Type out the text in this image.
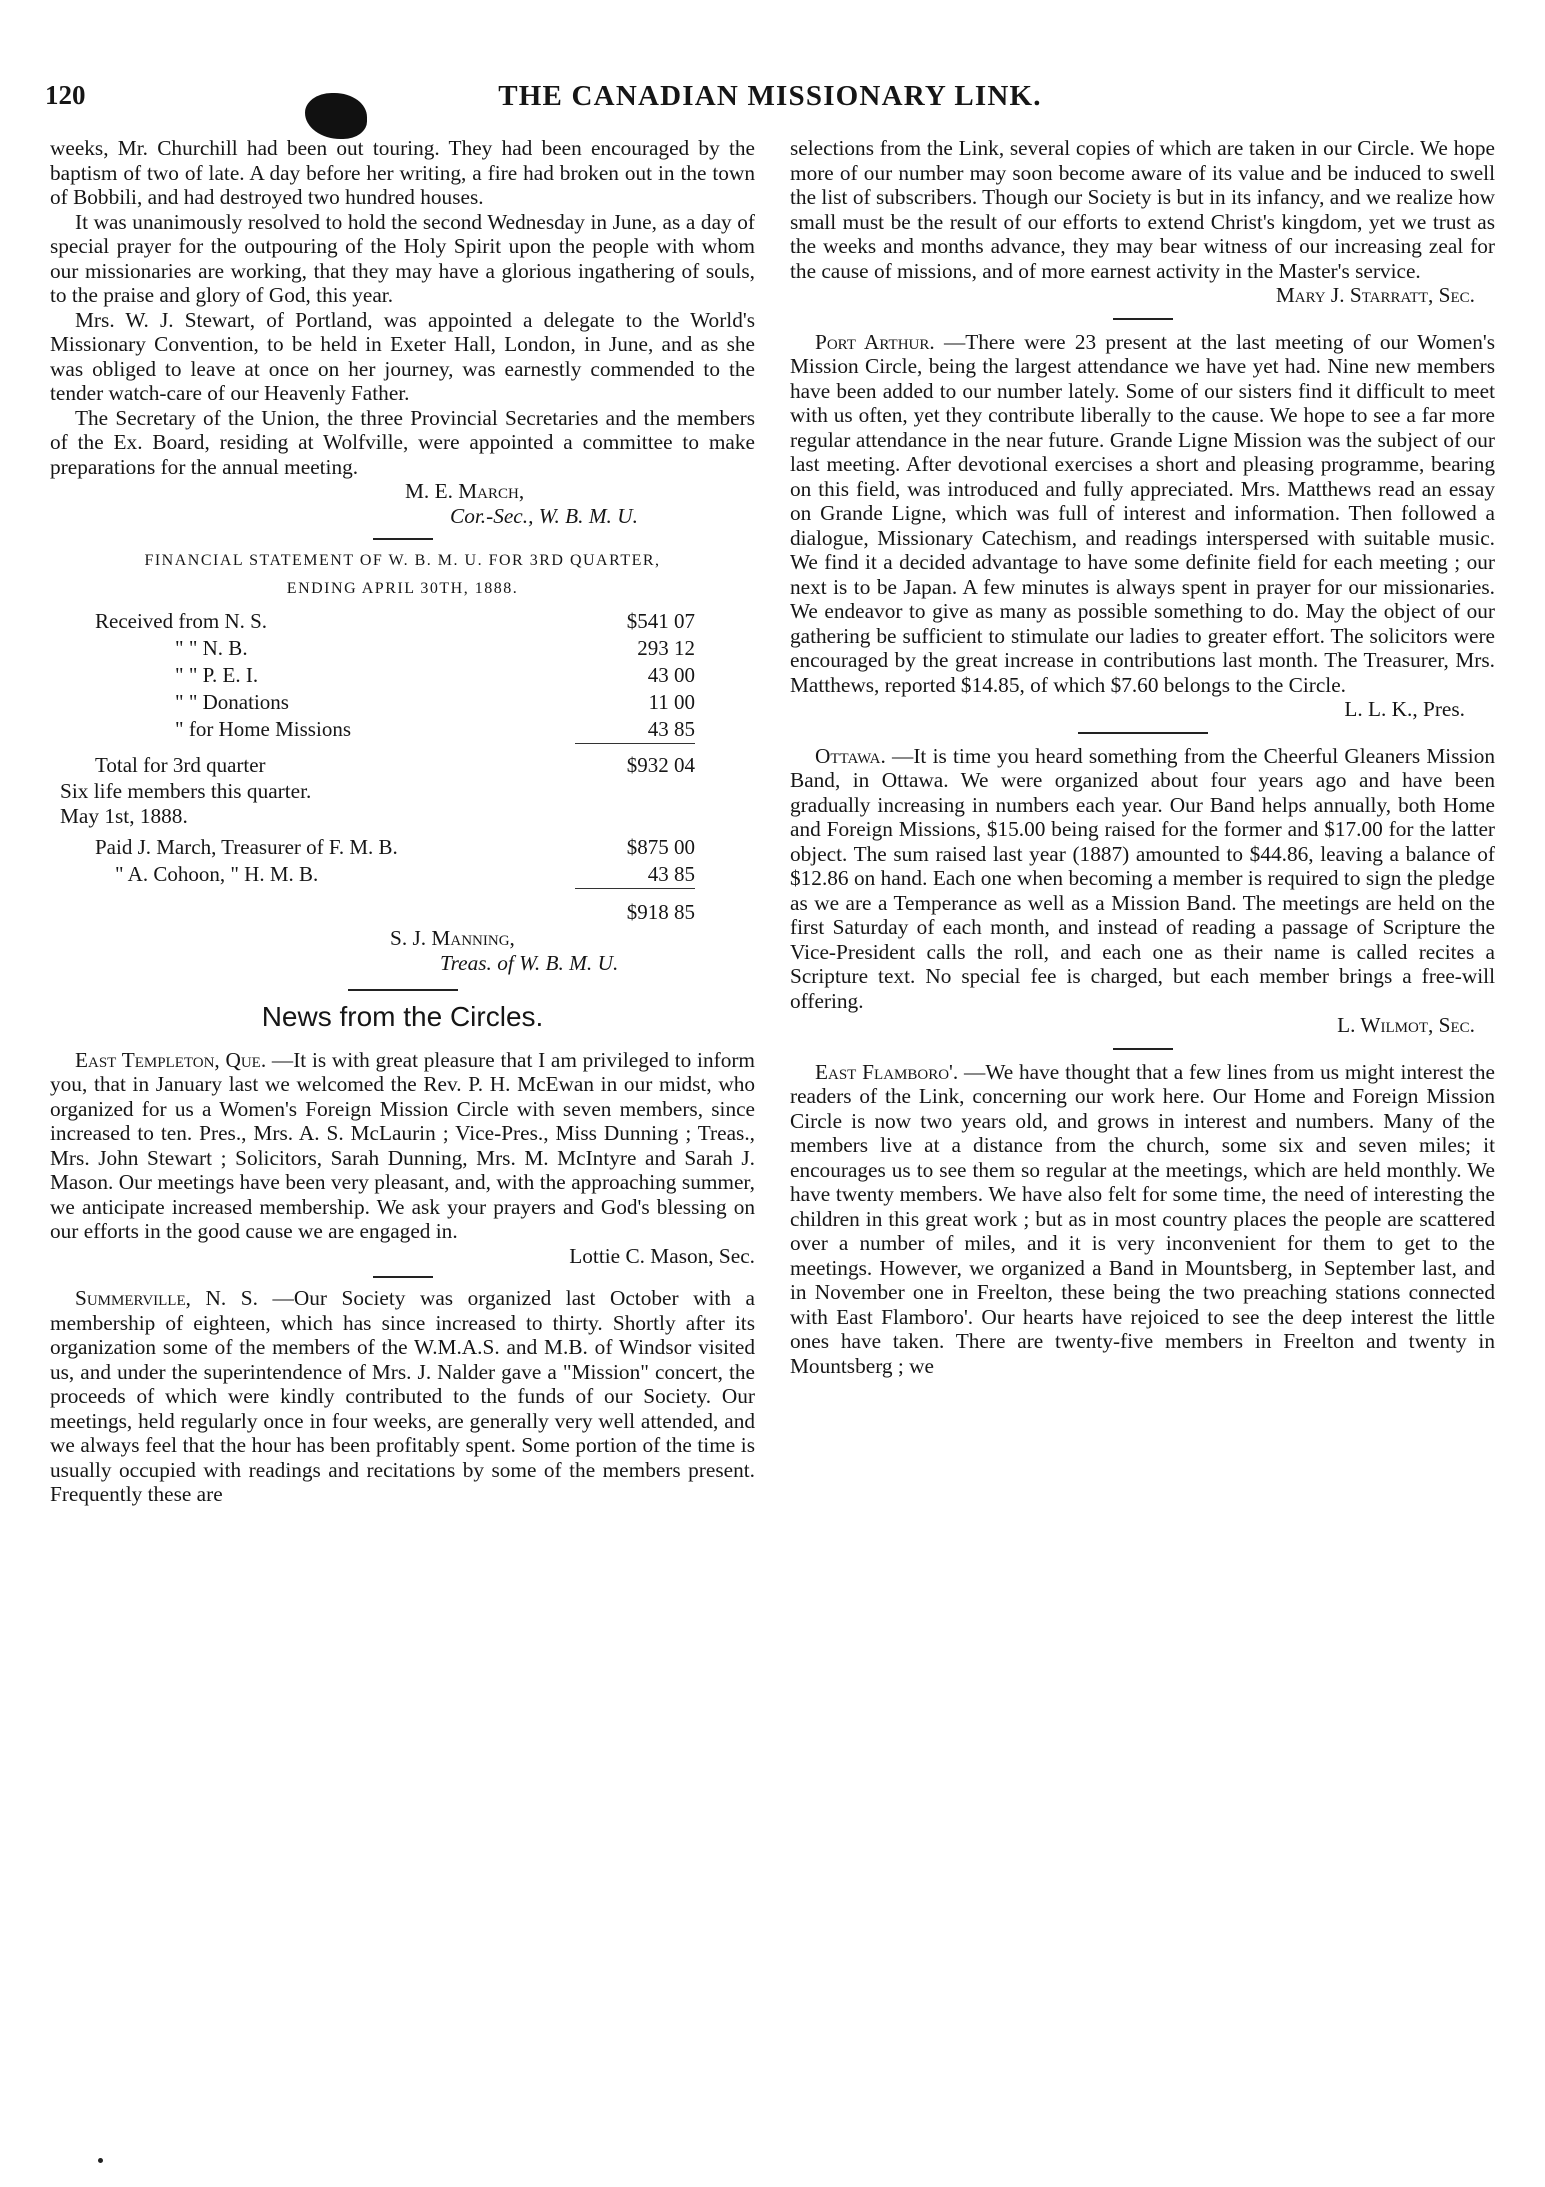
120	THE CANADIAN MISSIONARY LINK.

weeks, Mr. Churchill had been out touring. They had been encouraged by the baptism of two of late. A day before her writing, a fire had broken out in the town of Bobbili, and had destroyed two hundred houses.

It was unanimously resolved to hold the second Wednesday in June, as a day of special prayer for the outpouring of the Holy Spirit upon the people with whom our missionaries are working, that they may have a glorious ingathering of souls, to the praise and glory of God, this year.

Mrs. W. J. Stewart, of Portland, was appointed a delegate to the World's Missionary Convention, to be held in Exeter Hall, London, in June, and as she was obliged to leave at once on her journey, was earnestly commended to the tender watch-care of our Heavenly Father.

The Secretary of the Union, the three Provincial Secretaries and the members of the Ex. Board, residing at Wolfville, were appointed a committee to make preparations for the annual meeting.

M. E. March,

Cor.-Sec., W. B. M. U.

FINANCIAL STATEMENT OF W. B. M. U. FOR 3RD QUARTER,
ENDING APRIL 30TH, 1888.
Received from N. S.	$541 07
" " N. B.	293 12
" " P. E. I.	43 00
" " Donations	11 00
" for Home Missions	43 85
Total for 3rd quarter	$932 04

Six life members this quarter.

May 1st, 1888.

Paid J. March, Treasurer of F. M. B.	$875 00
" A. Cohoon, " H. M. B.	43 85
	$918 85

S. J. Manning,

Treas. of W. B. M. U.

News from the Circles.

East Templeton, Que. —It is with great pleasure that I am privileged to inform you, that in January last we welcomed the Rev. P. H. McEwan in our midst, who organized for us a Women's Foreign Mission Circle with seven members, since increased to ten. Pres., Mrs. A. S. McLaurin ; Vice-Pres., Miss Dunning ; Treas., Mrs. John Stewart ; Solicitors, Sarah Dunning, Mrs. M. McIntyre and Sarah J. Mason. Our meetings have been very pleasant, and, with the approaching summer, we anticipate increased membership. We ask your prayers and God's blessing on our efforts in the good cause we are engaged in.

Lottie C. Mason, Sec.

Summerville, N. S. —Our Society was organized last October with a membership of eighteen, which has since increased to thirty. Shortly after its organization some of the members of the W.M.A.S. and M.B. of Windsor visited us, and under the superintendence of Mrs. J. Nalder gave a "Mission" concert, the proceeds of which were kindly contributed to the funds of our Society. Our meetings, held regularly once in four weeks, are generally very well attended, and we always feel that the hour has been profitably spent. Some portion of the time is usually occupied with readings and recitations by some of the members present. Frequently these are

selections from the Link, several copies of which are taken in our Circle. We hope more of our number may soon become aware of its value and be induced to swell the list of subscribers. Though our Society is but in its infancy, and we realize how small must be the result of our efforts to extend Christ's kingdom, yet we trust as the weeks and months advance, they may bear witness of our increasing zeal for the cause of missions, and of more earnest activity in the Master's service.

Mary J. Starratt, Sec.

Port Arthur. —There were 23 present at the last meeting of our Women's Mission Circle, being the largest attendance we have yet had. Nine new members have been added to our number lately. Some of our sisters find it difficult to meet with us often, yet they contribute liberally to the cause. We hope to see a far more regular attendance in the near future. Grande Ligne Mission was the subject of our last meeting. After devotional exercises a short and pleasing programme, bearing on this field, was introduced and fully appreciated. Mrs. Matthews read an essay on Grande Ligne, which was full of interest and information. Then followed a dialogue, Missionary Catechism, and readings interspersed with suitable music. We find it a decided advantage to have some definite field for each meeting ; our next is to be Japan. A few minutes is always spent in prayer for our missionaries. We endeavor to give as many as possible something to do. May the object of our gathering be sufficient to stimulate our ladies to greater effort. The solicitors were encouraged by the great increase in contributions last month. The Treasurer, Mrs. Matthews, reported $14.85, of which $7.60 belongs to the Circle.

L. L. K., Pres.

Ottawa. —It is time you heard something from the Cheerful Gleaners Mission Band, in Ottawa. We were organized about four years ago and have been gradually increasing in numbers each year. Our Band helps annually, both Home and Foreign Missions, $15.00 being raised for the former and $17.00 for the latter object. The sum raised last year (1887) amounted to $44.86, leaving a balance of $12.86 on hand. Each one when becoming a member is required to sign the pledge as we are a Temperance as well as a Mission Band. The meetings are held on the first Saturday of each month, and instead of reading a passage of Scripture the Vice-President calls the roll, and each one as their name is called recites a Scripture text. No special fee is charged, but each member brings a free-will offering.

L. Wilmot, Sec.

East Flamboro'. —We have thought that a few lines from us might interest the readers of the Link, concerning our work here. Our Home and Foreign Mission Circle is now two years old, and grows in interest and numbers. Many of the members live at a distance from the church, some six and seven miles; it encourages us to see them so regular at the meetings, which are held monthly. We have twenty members. We have also felt for some time, the need of interesting the children in this great work ; but as in most country places the people are scattered over a number of miles, and it is very inconvenient for them to get to the meetings. However, we organized a Band in Mountsberg, in September last, and in November one in Freelton, these being the two preaching stations connected with East Flamboro'. Our hearts have rejoiced to see the deep interest the little ones have taken. There are twenty-five members in Freelton and twenty in Mountsberg ; we
